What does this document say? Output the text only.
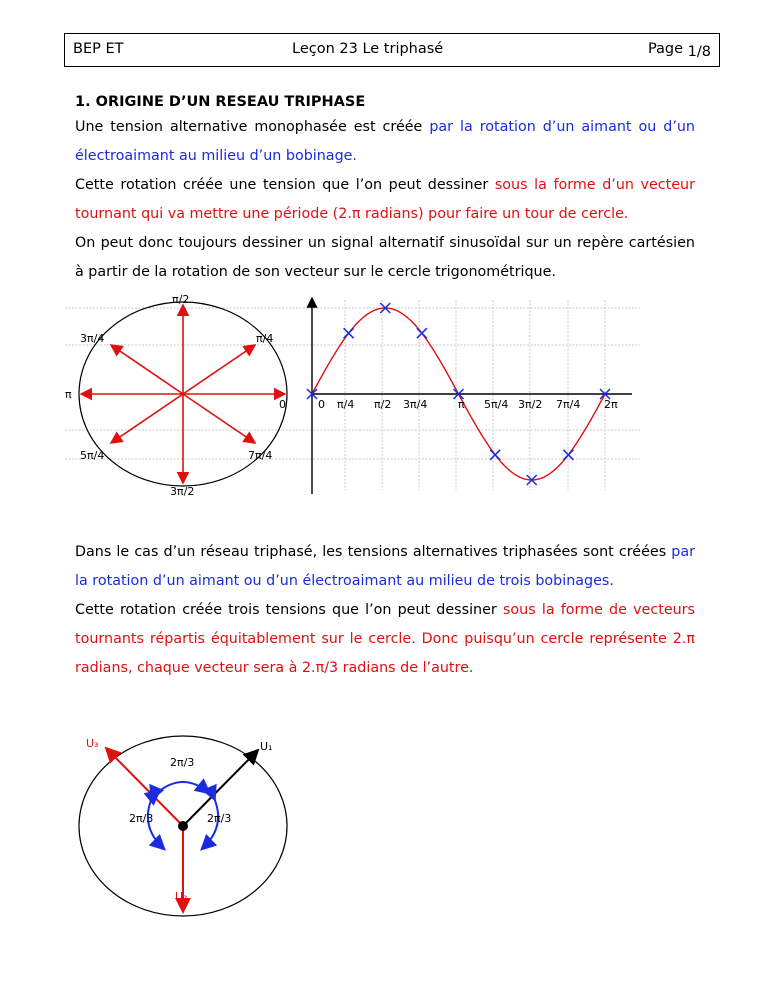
BEP ET	Leçon 23 Le triphasé	Page 1/8
1. ORIGINE D’UN RESEAU TRIPHASE
Une tension alternative monophasée est créée par la rotation d’un aimant ou d’un électroaimant au milieu d’un bobinage.
Cette rotation créée une tension que l’on peut dessiner sous la forme d’un vecteur tournant qui va mettre une période (2.π radians) pour faire un tour de cercle.
On peut donc toujours dessiner un signal alternatif sinusoïdal sur un repère cartésien à partir de la rotation de son vecteur sur le cercle trigonométrique.
π/2
3π/4	π/4
π
0
5π/4	7π/4
3π/2
0 π/4 π/2 3π/4	π 5π/4 3π/2 7π/4 2π
Dans le cas d’un réseau triphasé, les tensions alternatives triphasées sont créées par la rotation d’un aimant ou d’un électroaimant au milieu de trois bobinages.
Cette rotation créée trois tensions que l’on peut dessiner sous la forme de vecteurs tournants répartis équitablement sur le cercle. Donc puisqu’un cercle représente 2.π radians, chaque vecteur sera à 2.π/3 radians de l’autre.
U₁
U₂
U₃
2π/3
2π/3	2π/3
